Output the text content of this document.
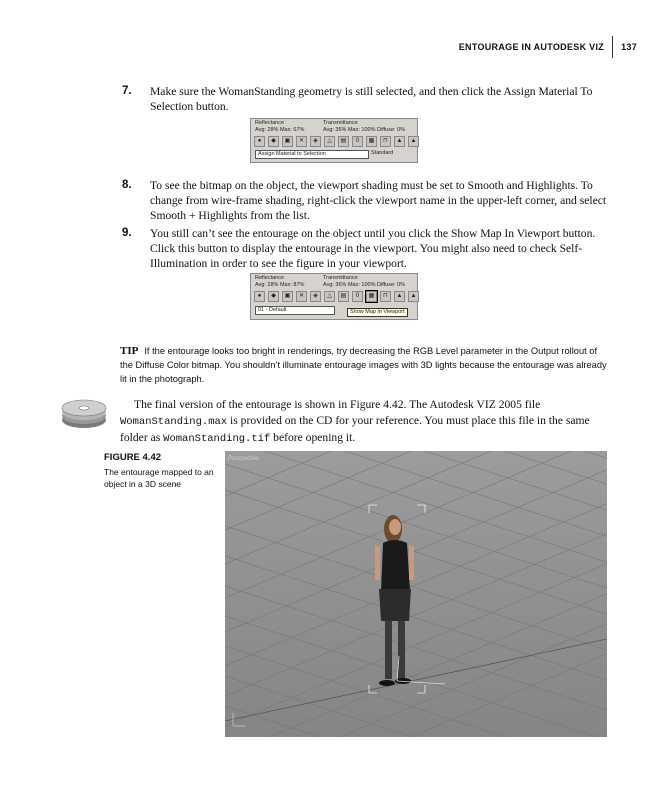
ENTOURAGE IN AUTODESK VIZ 137
7. Make sure the WomanStanding geometry is still selected, and then click the Assign Material To Selection button.
Reflectance	Transmittance
Avg: 28% Max: 67%	Avg: 36% Max: 100% Diffuse: 0%
●	◆	▣	✕	◈	△	▤	0	▦	⊓	▲	▲
Assign Material to Selection	Standard
8. To see the bitmap on the object, the viewport shading must be set to Smooth and Highlights. To change from wire-frame shading, right-click the viewport name in the upper-left corner, and select Smooth + Highlights from the list.
9. You still can’t see the entourage on the object until you click the Show Map In Viewport button. Click this button to display the entourage in the viewport. You might also need to check Self-Illumination in order to see the figure in your viewport.
Reflectance	Transmittance
Avg: 28% Max: 87%	Avg: 36% Max: 100% Diffuse: 0%
●	◆	▣	✕	◈	△	▤	0	▦	⊓	▲	▲
01 - Default	Show Map in Viewport
TIP If the entourage looks too bright in renderings, try decreasing the RGB Level parameter in the Output rollout of the Diffuse Color bitmap. You shouldn’t illuminate entourage images with 3D lights because the entourage was already lit in the photograph.
The final version of the entourage is shown in Figure 4.42. The Autodesk VIZ 2005 file WomanStanding.max is provided on the CD for your reference. You must place this file in the same folder as WomanStanding.tif before opening it.
FIGURE 4.42
The entourage mapped to an object in a 3D scene
Perspective
